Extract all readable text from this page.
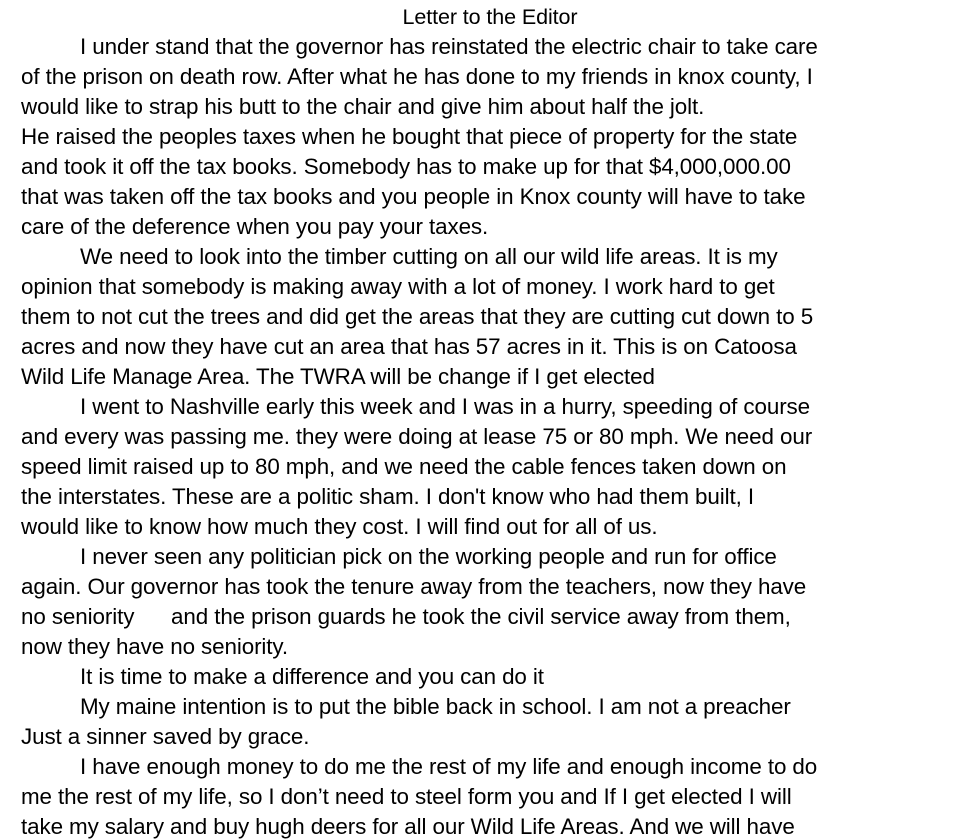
Letter to the Editor
I under stand that the governor has reinstated the electric chair to take care
of the prison on death row. After what he has done to my friends in knox county, I
would like to strap his butt to the chair and give him about half the jolt.
He raised the peoples taxes when he bought that piece of property for the state
and took it off the tax books. Somebody has to make up for that $4,000,000.00
that was taken off the tax books and you people in Knox county will have to take
care of the deference when you pay your taxes.
We need to look into the timber cutting on all our wild life areas. It is my
opinion that somebody is making away with a lot of money. I work hard to get
them to not cut the trees and did get the areas that they are cutting cut down to 5
acres and now they have cut an area that has 57 acres in it. This is on Catoosa
Wild Life Manage Area. The TWRA will be change if I get elected
I went to Nashville early this week and I was in a hurry, speeding of course
and every was passing me. they were doing at lease 75 or 80 mph. We need our
speed limit raised up to 80 mph, and we need the cable fences taken down on
the interstates. These are a politic sham. I don't know who had them built, I
would like to know how much they cost. I will find out for all of us.
I never seen any politician pick on the working people and run for office
again. Our governor has took the tenure away from the teachers, now they have
no seniority      and the prison guards he took the civil service away from them,
now they have no seniority.
It is time to make a difference and you can do it
My maine intention is to put the bible back in school. I am not a preacher
Just a sinner saved by grace.
I have enough money to do me the rest of my life and enough income to do
me the rest of my life, so I don’t need to steel form you and If I get elected I will
take my salary and buy hugh deers for all our Wild Life Areas. And we will have
